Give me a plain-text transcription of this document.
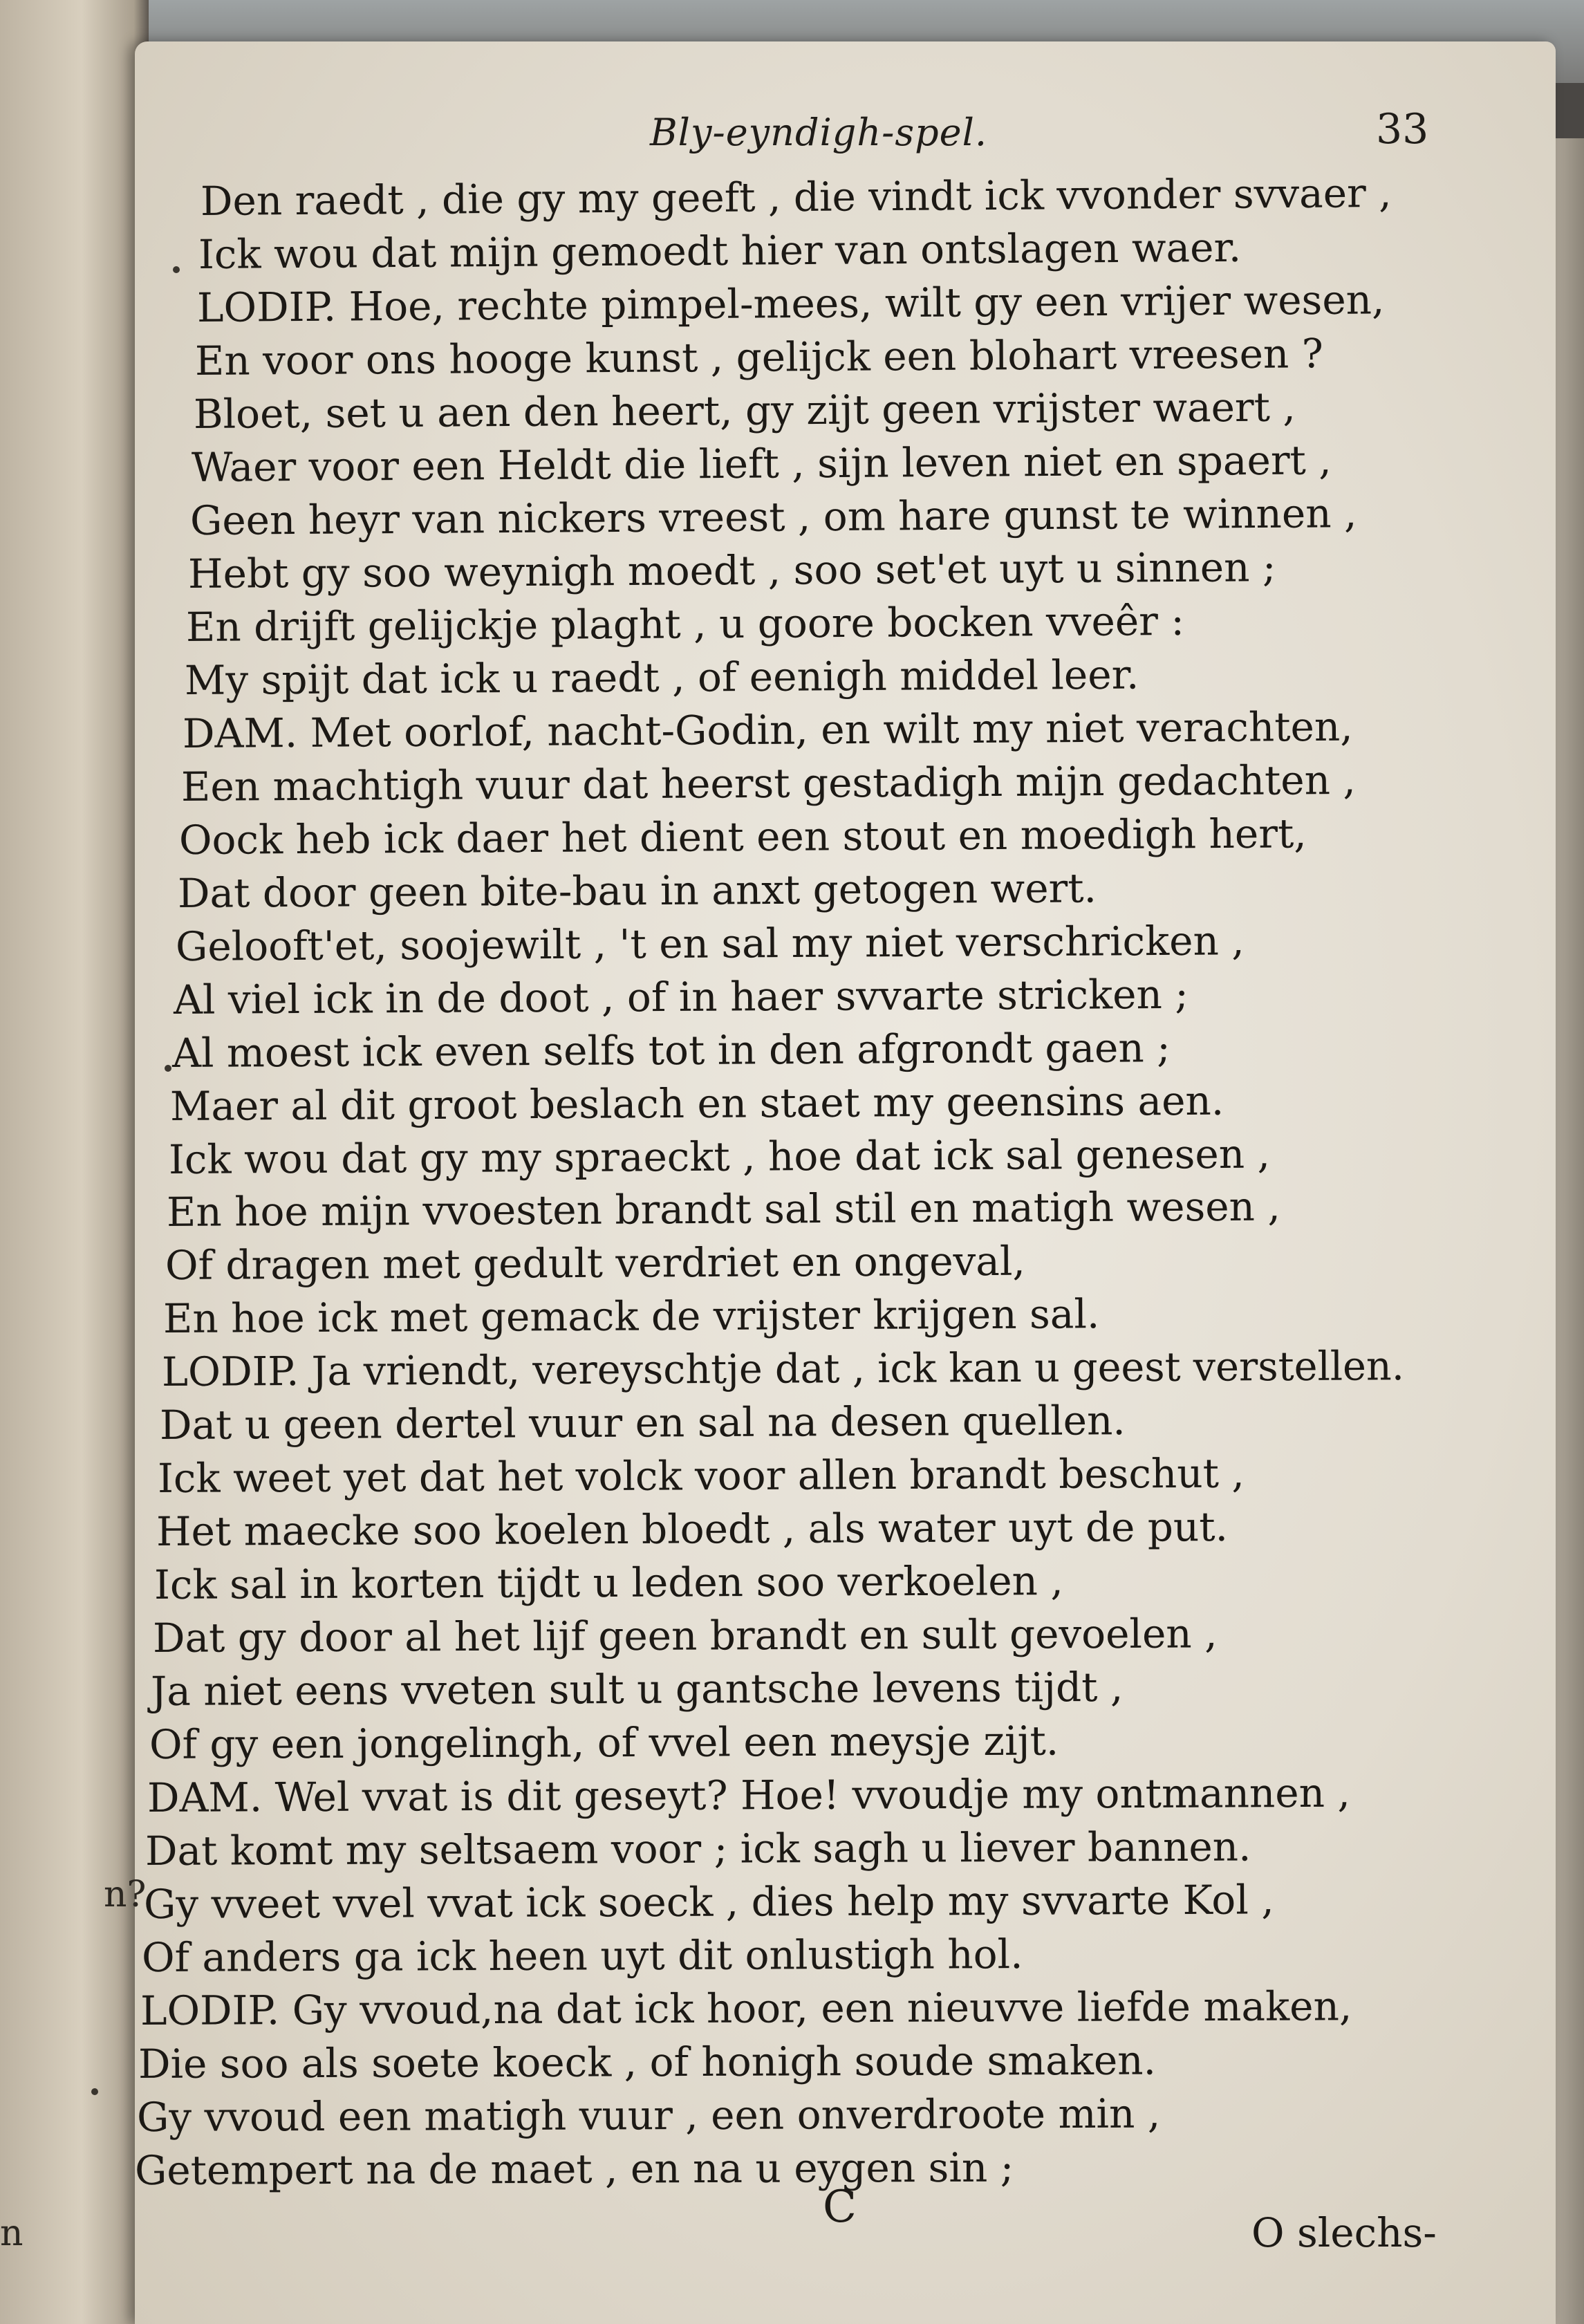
Bly-eyndigh-spel.	33
n?
n
Den raedt , die gy my geeft , die vindt ick vvonder svvaer ,
Ick wou dat mijn gemoedt hier van ontslagen waer.
LODIP. Hoe, rechte pimpel-mees, wilt gy een vrijer wesen,
En voor ons hooge kunst , gelijck een blohart vreesen ?
Bloet, set u aen den heert, gy zijt geen vrijster waert ,
Waer voor een Heldt die lieft , sijn leven niet en spaert ,
Geen heyr van nickers vreest , om hare gunst te winnen ,
Hebt gy soo weynigh moedt , soo set'et uyt u sinnen ;
En drijft gelijckje plaght , u goore bocken vveêr :
My spijt dat ick u raedt , of eenigh middel leer.
DAM. Met oorlof, nacht-Godin, en wilt my niet verachten,
Een machtigh vuur dat heerst gestadigh mijn gedachten ,
Oock heb ick daer het dient een stout en moedigh hert,
Dat door geen bite-bau in anxt getogen wert.
Gelooft'et, soojewilt , 't en sal my niet verschricken ,
Al viel ick in de doot , of in haer svvarte stricken ;
Al moest ick even selfs tot in den afgrondt gaen ;
Maer al dit groot beslach en staet my geensins aen.
Ick wou dat gy my spraeckt , hoe dat ick sal genesen ,
En hoe mijn vvoesten brandt sal stil en matigh wesen ,
Of dragen met gedult verdriet en ongeval,
En hoe ick met gemack de vrijster krijgen sal.
LODIP. Ja vriendt, vereyschtje dat , ick kan u geest verstellen.
Dat u geen dertel vuur en sal na desen quellen.
Ick weet yet dat het volck voor allen brandt beschut ,
Het maecke soo koelen bloedt , als water uyt de put.
Ick sal in korten tijdt u leden soo verkoelen ,
Dat gy door al het lijf geen brandt en sult gevoelen ,
Ja niet eens vveten sult u gantsche levens tijdt ,
Of gy een jongelingh, of vvel een meysje zijt.
DAM. Wel vvat is dit geseyt? Hoe! vvoudje my ontmannen ,
Dat komt my seltsaem voor ; ick sagh u liever bannen.
Gy vveet vvel vvat ick soeck , dies help my svvarte Kol ,
Of anders ga ick heen uyt dit onlustigh hol.
LODIP. Gy vvoud,na dat ick hoor, een nieuvve liefde maken,
Die soo als soete koeck , of honigh soude smaken.
Gy vvoud een matigh vuur , een onverdroote min ,
Getempert na de maet , en na u eygen sin ;
C	O slechs-
